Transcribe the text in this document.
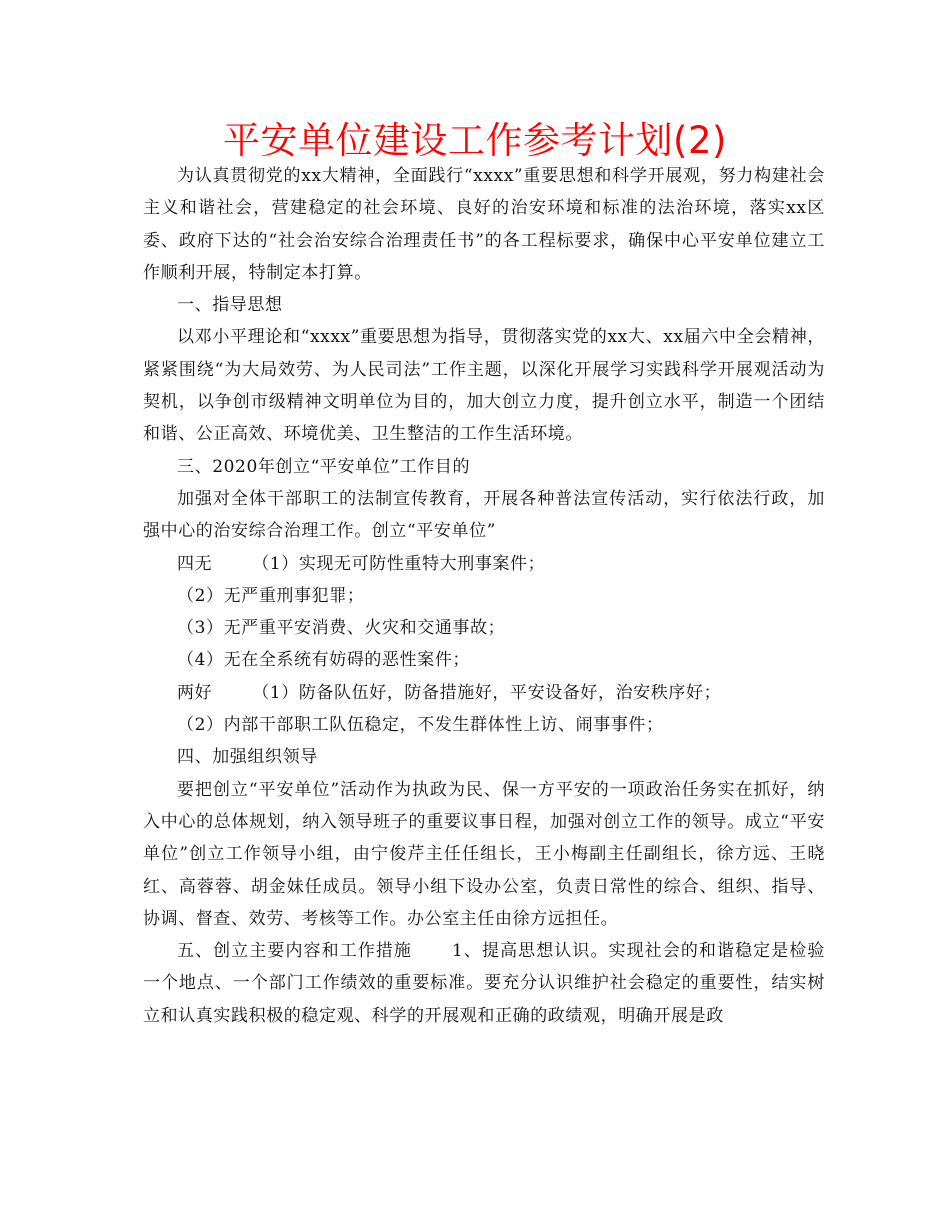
平安单位建设工作参考计划(2)

为认真贯彻党的xx大精神，全面践行“xxxx”重要思想和科学开展观，努力构建社会主义和谐社会，营建稳定的社会环境、良好的治安环境和标准的法治环境，落实xx区委、政府下达的“社会治安综合治理责任书”的各工程标要求，确保中心平安单位建立工作顺利开展，特制定本打算。

一、指导思想

以邓小平理论和“xxxx”重要思想为指导，贯彻落实党的xx大、xx届六中全会精神，紧紧围绕“为大局效劳、为人民司法”工作主题，以深化开展学习实践科学开展观活动为契机，以争创市级精神文明单位为目的，加大创立力度，提升创立水平，制造一个团结和谐、公正高效、环境优美、卫生整洁的工作生活环境。

三、2020年创立“平安单位”工作目的

加强对全体干部职工的法制宣传教育，开展各种普法宣传活动，实行依法行政，加强中心的治安综合治理工作。创立“平安单位”

四无 （1）实现无可防性重特大刑事案件；

（2）无严重刑事犯罪；

（3）无严重平安消费、火灾和交通事故；

（4）无在全系统有妨碍的恶性案件；

两好 （1）防备队伍好，防备措施好，平安设备好，治安秩序好；

（2）内部干部职工队伍稳定，不发生群体性上访、闹事事件；

四、加强组织领导

要把创立“平安单位”活动作为执政为民、保一方平安的一项政治任务实在抓好，纳入中心的总体规划，纳入领导班子的重要议事日程，加强对创立工作的领导。成立“平安单位”创立工作领导小组，由宁俊芹主任任组长，王小梅副主任副组长，徐方远、王晓红、高蓉蓉、胡金妹任成员。领导小组下设办公室，负责日常性的综合、组织、指导、协调、督查、效劳、考核等工作。办公室主任由徐方远担任。

五、创立主要内容和工作措施 1、提高思想认识。实现社会的和谐稳定是检验一个地点、一个部门工作绩效的重要标准。要充分认识维护社会稳定的重要性，结实树立和认真实践积极的稳定观、科学的开展观和正确的政绩观，明确开展是政
